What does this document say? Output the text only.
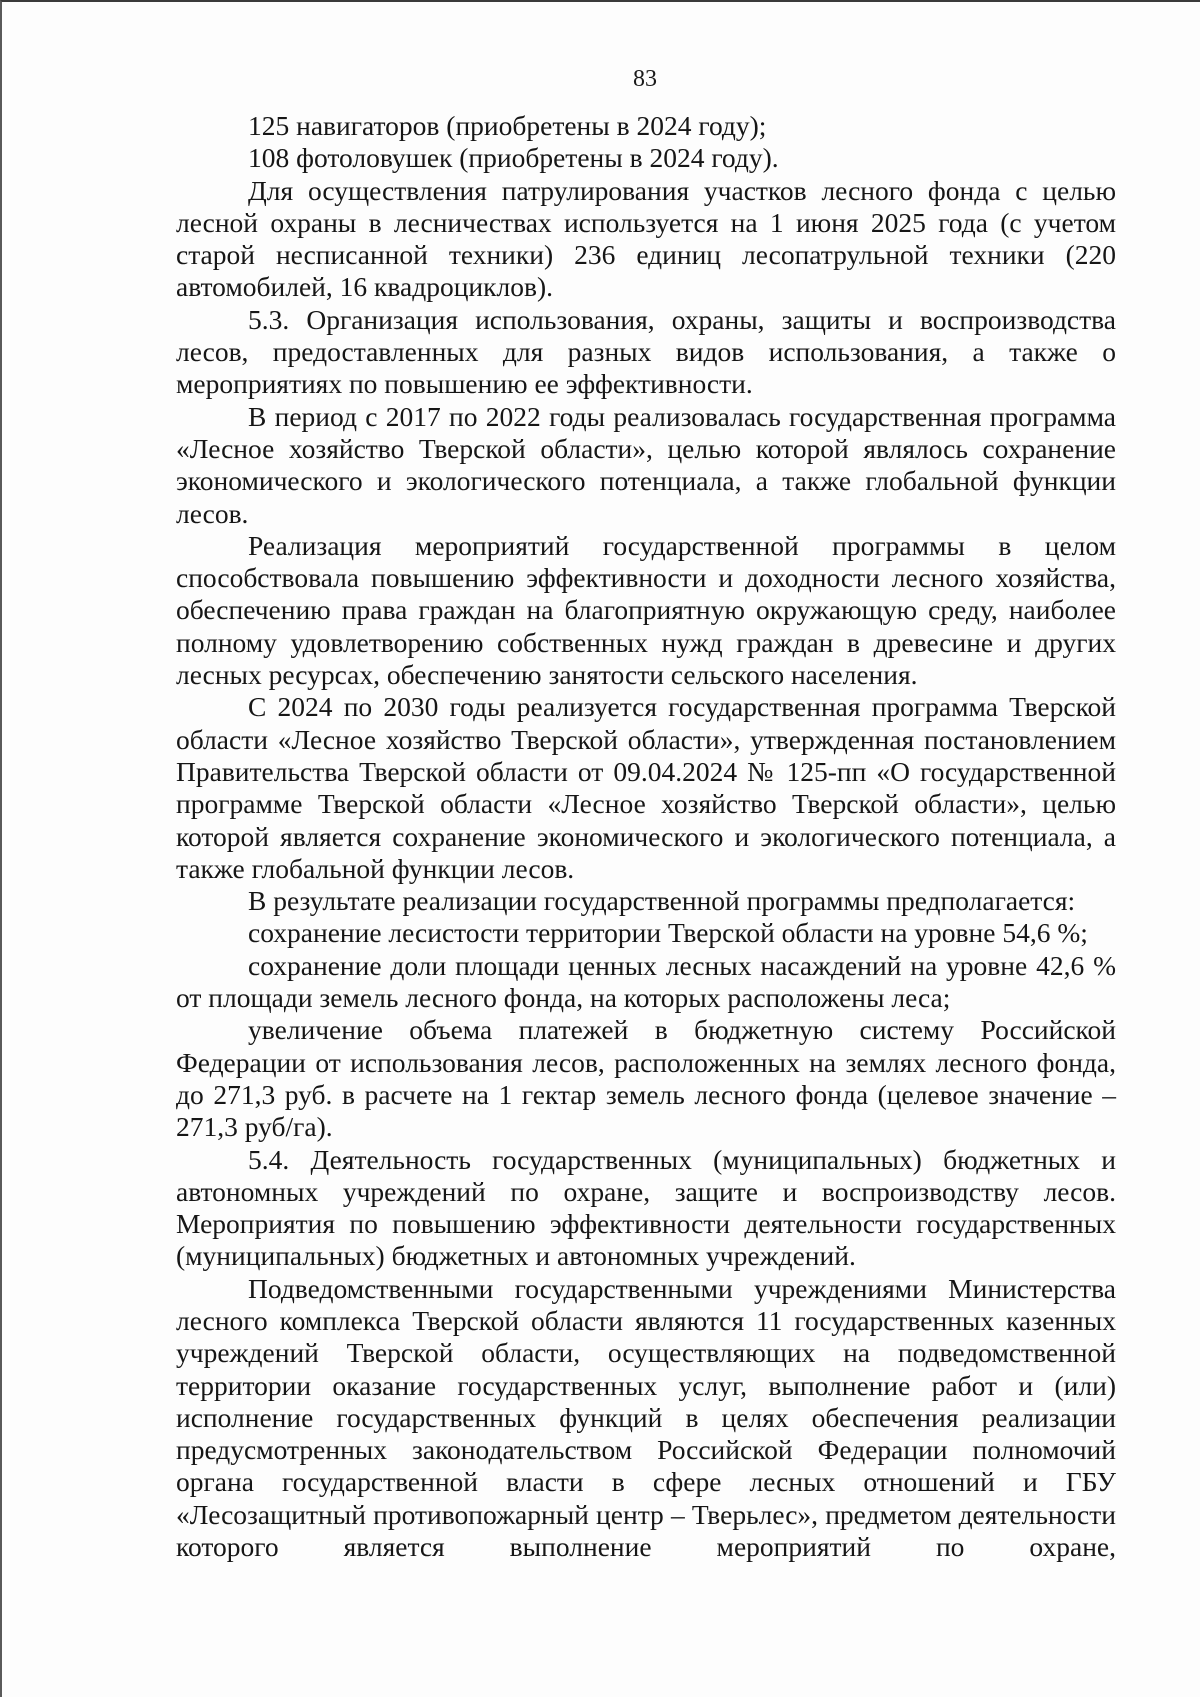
83

125 навигаторов (приобретены в 2024 году);

108 фотоловушек (приобретены в 2024 году).

Для осуществления патрулирования участков лесного фонда с целью лесной охраны в лесничествах используется на 1 июня 2025 года (с учетом старой несписанной техники) 236 единиц лесопатрульной техники (220 автомобилей, 16 квадроциклов).

5.3. Организация использования, охраны, защиты и воспроизводства лесов, предоставленных для разных видов использования, а также о мероприятиях по повышению ее эффективности.

В период с 2017 по 2022 годы реализовалась государственная программа «Лесное хозяйство Тверской области», целью которой являлось сохранение экономического и экологического потенциала, а также глобальной функции лесов.

Реализация мероприятий государственной программы в целом способствовала повышению эффективности и доходности лесного хозяйства, обеспечению права граждан на благоприятную окружающую среду, наиболее полному удовлетворению собственных нужд граждан в древесине и других лесных ресурсах, обеспечению занятости сельского населения.

С 2024 по 2030 годы реализуется государственная программа Тверской области «Лесное хозяйство Тверской области», утвержденная постановлением Правительства Тверской области от 09.04.2024 № 125-пп «О государственной программе Тверской области «Лесное хозяйство Тверской области», целью которой является сохранение экономического и экологического потенциала, а также глобальной функции лесов.

В результате реализации государственной программы предполагается:

сохранение лесистости территории Тверской области на уровне 54,6 %;

сохранение доли площади ценных лесных насаждений на уровне 42,6 % от площади земель лесного фонда, на которых расположены леса;

увеличение объема платежей в бюджетную систему Российской Федерации от использования лесов, расположенных на землях лесного фонда, до 271,3 руб. в расчете на 1 гектар земель лесного фонда (целевое значение – 271,3 руб/га).

5.4. Деятельность государственных (муниципальных) бюджетных и автономных учреждений по охране, защите и воспроизводству лесов. Мероприятия по повышению эффективности деятельности государственных (муниципальных) бюджетных и автономных учреждений.

Подведомственными государственными учреждениями Министерства лесного комплекса Тверской области являются 11 государственных казенных учреждений Тверской области, осуществляющих на подведомственной территории оказание государственных услуг, выполнение работ и (или) исполнение государственных функций в целях обеспечения реализации предусмотренных законодательством Российской Федерации полномочий органа государственной власти в сфере лесных отношений и ГБУ «Лесозащитный противопожарный центр – Тверьлес», предметом деятельности которого является выполнение мероприятий по охране,
